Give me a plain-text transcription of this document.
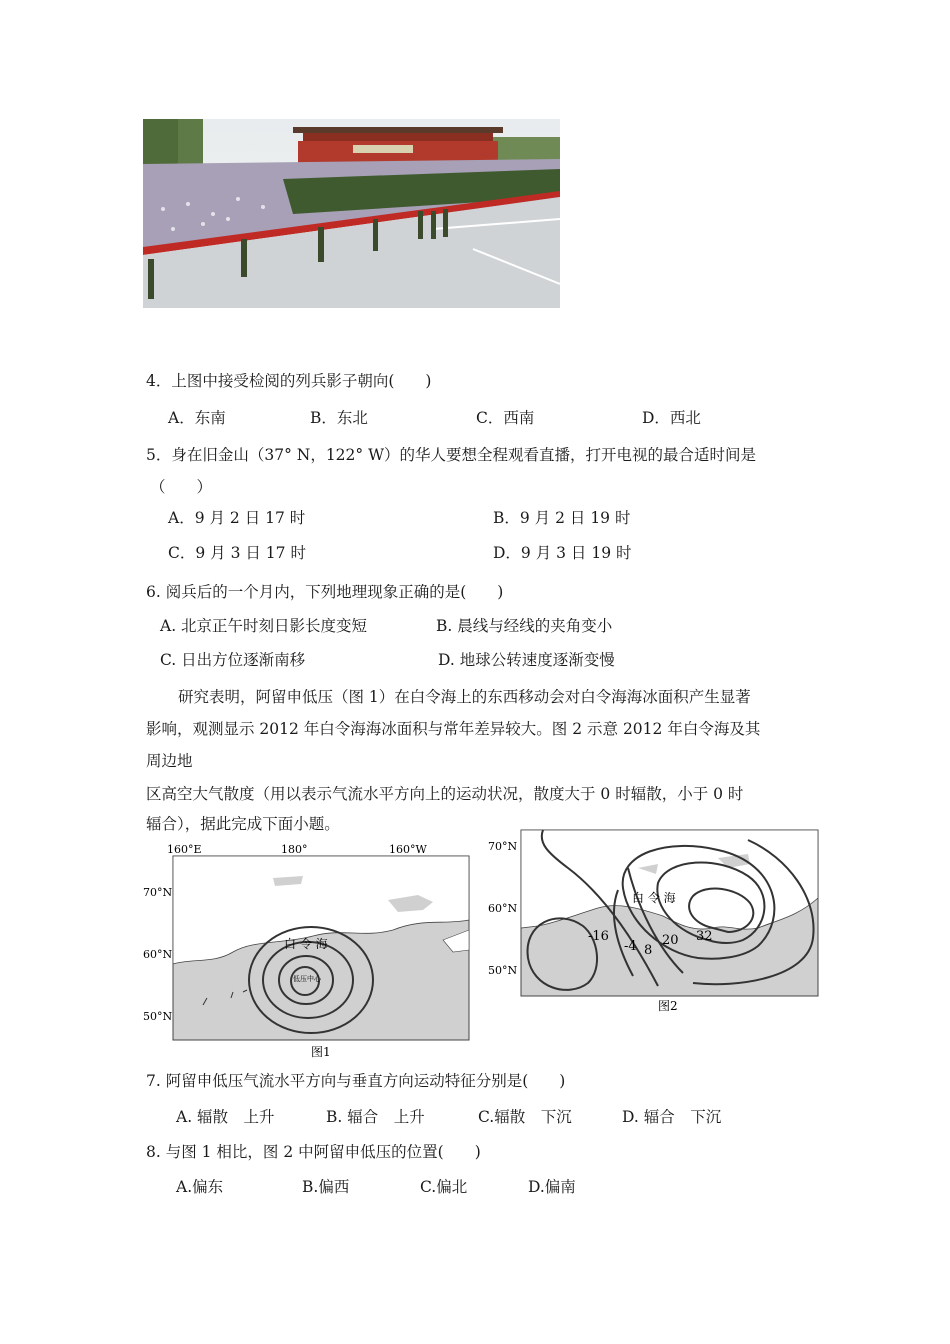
4．上图中接受检阅的列兵影子朝向(　　)
A．东南	B．东北	C．西南	D．西北
5．身在旧金山（37° N，122° W）的华人要想全程观看直播，打开电视的最合适时间是
（　　）
A．9 月 2 日 17 时	B．9 月 2 日 19 时
C．9 月 3 日 17 时	D．9 月 3 日 19 时
6. 阅兵后的一个月内，下列地理现象正确的是(　　)
A. 北京正午时刻日影长度变短	B. 晨线与经线的夹角变小
C. 日出方位逐渐南移	D. 地球公转速度逐渐变慢
研究表明，阿留申低压（图 1）在白令海上的东西移动会对白令海海冰面积产生显著
影响，观测显示 2012 年白令海海冰面积与常年差异较大。图 2 示意 2012 年白令海及其
周边地
区高空大气散度（用以表示气流水平方向上的运动状况，散度大于 0 时辐散，小于 0 时
辐合），据此完成下面小题。
160°E	180°	160°W
70°N
60°N
50°N
白 令 海
低压中心
图1
70°N
60°N
50°N
白 令 海
-16
-4 8
20 32
图2
7. 阿留申低压气流水平方向与垂直方向运动特征分别是(　　)
A. 辐散　上升	B. 辐合　上升	C.辐散　下沉	D. 辐合　下沉
8. 与图 1 相比，图 2 中阿留申低压的位置(　　)
A.偏东	B.偏西	C.偏北	D.偏南
